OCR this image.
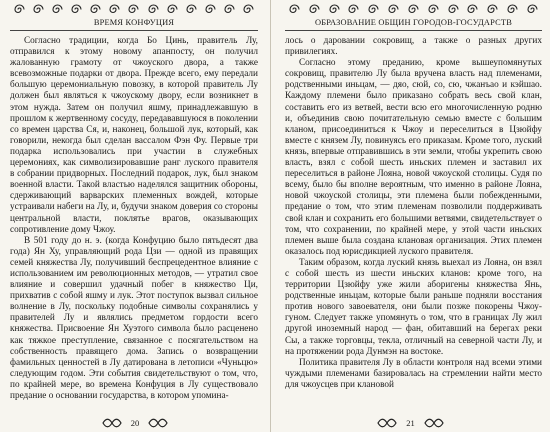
ВРЕМЯ КОНФУЦИЯ

Согласно традиции, когда Бо Цинь, правитель Лу, отправился к этому новому апанпосту, он получил жалованную грамоту от чжоуского двора, а также всевозможные подарки от двора. Прежде всего, ему передали большую церемониальную повозку, в которой правитель Лу должен был являться к чжоускому двору, если возникнет в этом нужда. Затем он получил яшму, принадлежавшую в прошлом к жертвенному сосуду, передававшуюся в поколении со времен царства Ся, и, наконец, большой лук, который, как говорили, некогда был сделан вассалом Фэн Фу. Первые три подарка использовались при участии в служебных церемониях, как символизировавшие ранг луского правителя в собрании придворных. Последний подарок, лук, был знаком военной власти. Такой властью наделялся защитник обороны, сдерживающий варварских племенных вождей, которые устраивали набеги на Лу, и, будучи знаком доверия со стороны центральной власти, поклятье врагов, оказывающих сопротивление дому Чжоу.

В 501 году до н. э. (когда Конфуцию было пятьдесят два года) Ян Ху, управляющий рода Цзи — одной из правящих семей княжества Лу, получивший беспрецедентное влияние с использованием им революционных методов, — утратил свое влияние и совершил удачный побег в княжество Ци, прихватив с собой яшму и лук. Этот поступок вызвал сильное волнение в Лу, поскольку подобные символы сохранялись у правителей Лу и являлись предметом гордости всего княжества. Присвоение Ян Хуэтого символа было расценено как тяжкое преступление, связанное с посягательством на собственность правящего дома. Запись о возвращении фамильных ценностей в Лу датирована в летописи «Чуньцю» следующим годом. Эти события свидетельствуют о том, что, по крайней мере, во времена Конфуция в Лу существовало предание о основании государства, в котором упомина-

20
ОБРАЗОВАНИЕ ОБЩИН ГОРОДОВ-ГОСУДАРСТВ

лось о даровании сокровищ, а также о разных других привилегиях.

Согласно этому преданию, кроме вышеупомянутых сокровищ, правителю Лу была вручена власть над племенами, родственными иньцам, — дяо, сюй, со, сю, чжанъао и кэйшао. Каждому племени было приказано собрать весь свой клан, составить его из ветвей, вести всю его многочисленную родню и, объединив свою почитательную семью вместе с большим кланом, присоединиться к Чжоу и переселиться в Цзюйфу вместе с князем Лу, повинуясь его приказам. Кроме того, луский князь, впервые отправившись в эти земли, чтобы укрепить свою власть, взял с собой шесть иньских племен и заставил их переселиться в районе Лояна, новой чжоуской столицы. Судя по всему, было бы вполне вероятным, что именно в районе Лояна, новой чжоуской столицы, эти племена были побежденными, предание о том, что этим племенам позволили поддерживать свой клан и сохранить его большими ветвями, свидетельствует о том, что сохранении, по крайней мере, у этой части иньских племен выше была создана клановая организация. Этих племен оказалось под юрисдикцией луского правителя.

Таким образом, когда луский князь выехал из Лояна, он взял с собой шесть из шести иньских кланов: кроме того, на территории Цзюйфу уже жили аборигены княжества Янь, родственные иньцам, которые были раньше подняли восстания против нового завоевателя, они были позже покорены Чжоу-гуном. Следует также упомянуть о том, что в границах Лу жил другой иноземный народ — фан, обитавший на берегах реки Сы, а также торговцы, текла, отличный на северной части Лу, и на протяжении рода Дунмэн на востоке.

Политика правителя Лу в области контроля над всеми этими чуждыми племенами базировалась на стремлении найти место для чжоусцев при клановой

21
